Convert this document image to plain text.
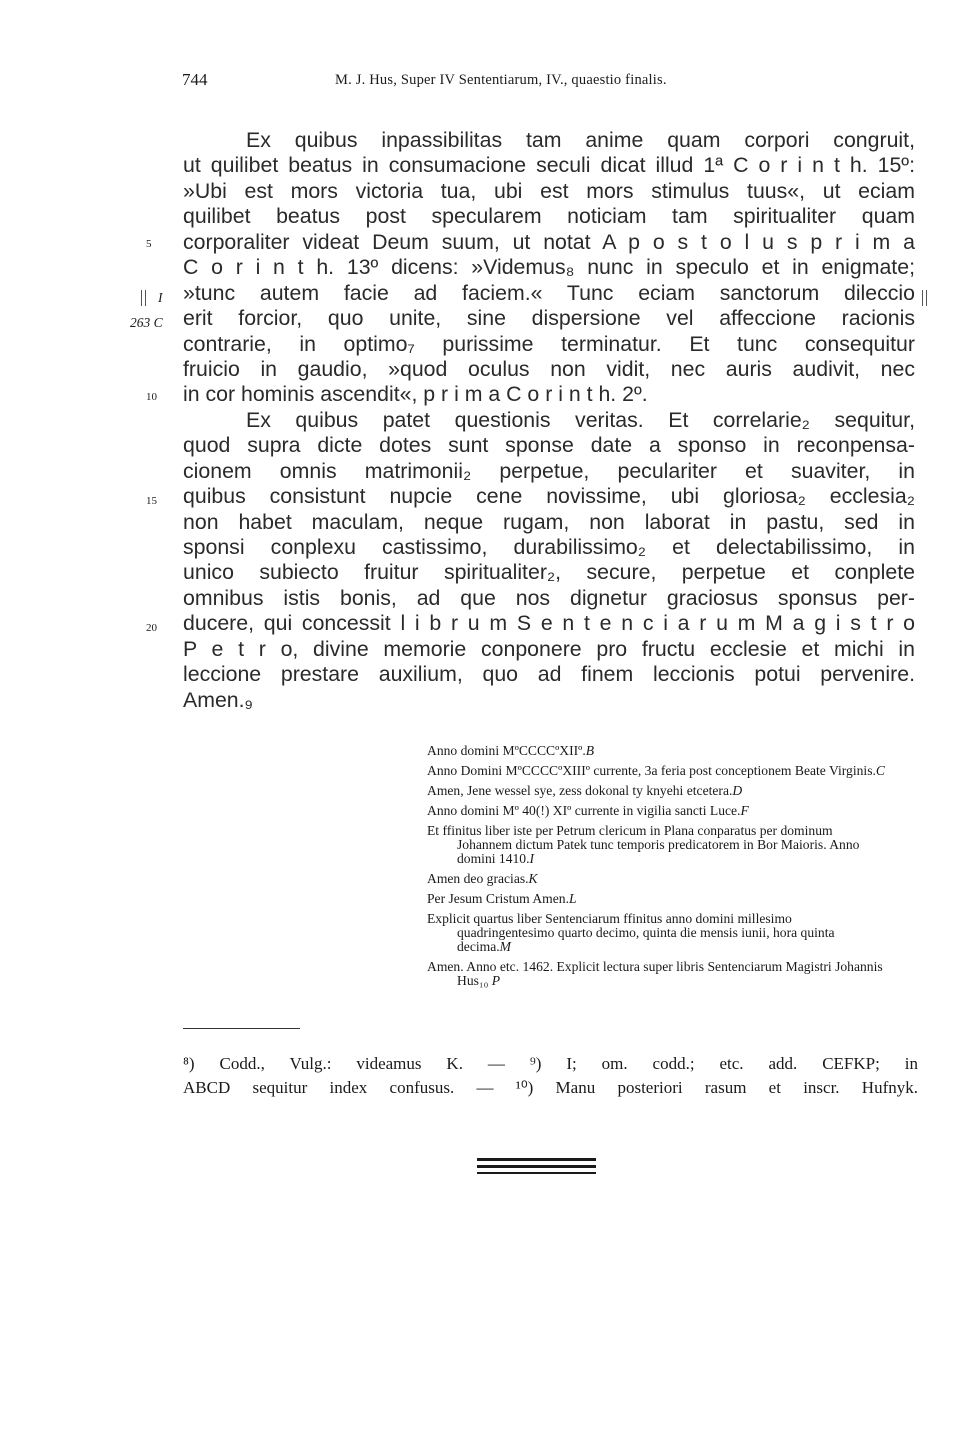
744	M. J. Hus, Super IV Sententiarum, IV., quaestio finalis.
Ex quibus inpassibilitas tam anime quam corpori congruit,
ut quilibet beatus in consumacione seculi dicat illud 1ª C o r i n t h. 15º:
»Ubi est mors victoria tua, ubi est mors stimulus tuus«, ut eciam
quilibet beatus post specularem noticiam tam spiritualiter quam
corporaliter videat Deum suum, ut notat A p o s t o l u s p r i m a
C o r i n t h. 13º dicens: »Videmus₈ nunc in speculo et in enigmate;
»tunc autem facie ad faciem.« Tunc eciam sanctorum dileccio
erit forcior, quo unite, sine dispersione vel affeccione racionis
contrarie, in optimo₇ purissime terminatur. Et tunc consequitur
fruicio in gaudio, »quod oculus non vidit, nec auris audivit, nec
in cor hominis ascendit«, p r i m a C o r i n t h. 2º.
Ex quibus patet questionis veritas. Et correlarie₂ sequitur,
quod supra dicte dotes sunt sponse date a sponso in reconpensa-
cionem omnis matrimonii₂ perpetue, peculariter et suaviter, in
quibus consistunt nupcie cene novissime, ubi gloriosa₂ ecclesia₂
non habet maculam, neque rugam, non laborat in pastu, sed in
sponsi conplexu castissimo, durabilissimo₂ et delectabilissimo, in
unico subiecto fruitur spiritualiter₂, secure, perpetue et conplete
omnibus istis bonis, ad que nos dignetur graciosus sponsus per-
ducere, qui concessit l i b r u m S e n t e n c i a r u m M a g i s t r o
P e t r o, divine memorie conponere pro fructu ecclesie et michi in
leccione prestare auxilium, quo ad finem leccionis potui pervenire.
Amen.₉
5
10
15
20
I
263 C
Anno domini MºCCCCºXIIº.B
Anno Domini MºCCCCºXIIIº currente, 3a feria post conceptionem Beate Virginis.C
Amen, Jene wessel sye, zess dokonal ty knyehi etcetera.D
Anno domini Mº 40(!) XIº currente in vigilia sancti Luce.F
Et ffinitus liber iste per Petrum clericum in Plana conparatus per dominum Johannem dictum Patek tunc temporis predicatorem in Bor Maioris. Anno domini 1410.I
Amen deo gracias.K
Per Jesum Cristum Amen.L
Explicit quartus liber Sentenciarum ffinitus anno domini millesimo quadringentesimo quarto decimo, quinta die mensis iunii, hora quinta decima.M
Amen. Anno etc. 1462. Explicit lectura super libris Sentenciarum Magistri Johannis Hus₁₀ P
⁸) Codd., Vulg.: videamus K. — ⁹) I; om. codd.; etc. add. CEFKP; in
ABCD sequitur index confusus. — ¹⁰) Manu posteriori rasum et inscr. Hufnyk.
